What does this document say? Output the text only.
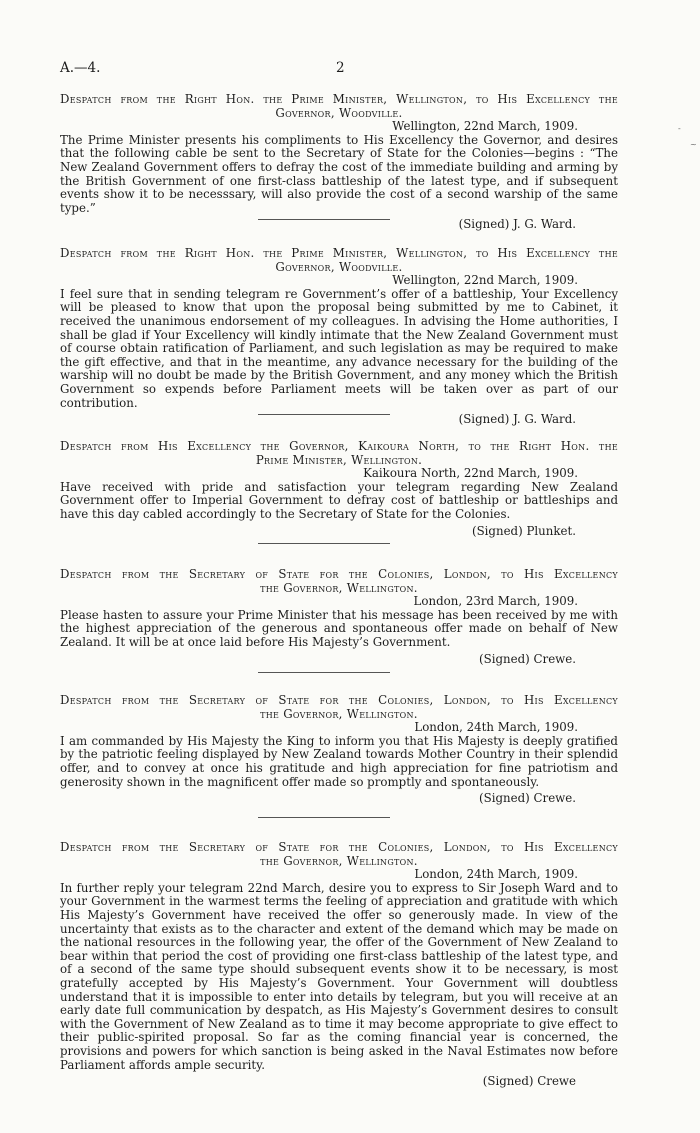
A.—4.	2
Despatch from the Right Hon. the Prime Minister, Wellington, to His Excellency the
Governor, Woodville.
Wellington, 22nd March, 1909.
The Prime Minister presents his compliments to His Excellency the Governor, and desires that the following cable be sent to the Secretary of State for the Colonies—begins : “The New Zealand Government offers to defray the cost of the immediate building and arming by the British Government of one first-class battleship of the latest type, and if subsequent events show it to be necesssary, will also provide the cost of a second warship of the same type.”
(Signed) J. G. Ward.
Despatch from the Right Hon. the Prime Minister, Wellington, to His Excellency the
Governor, Woodville.
Wellington, 22nd March, 1909.
I feel sure that in sending telegram re Government’s offer of a battleship, Your Excellency will be pleased to know that upon the proposal being submitted by me to Cabinet, it received the unanimous endorsement of my colleagues. In advising the Home authorities, I shall be glad if Your Excellency will kindly intimate that the New Zealand Government must of course obtain ratification of Parliament, and such legislation as may be required to make the gift effective, and that in the meantime, any advance necessary for the building of the warship will no doubt be made by the British Government, and any money which the British Government so expends before Parliament meets will be taken over as part of our contribution.
(Signed) J. G. Ward.
Despatch from His Excellency the Governor, Kaikoura North, to the Right Hon. the
Prime Minister, Wellington.
Kaikoura North, 22nd March, 1909.
Have received with pride and satisfaction your telegram regarding New Zealand Government offer to Imperial Government to defray cost of battleship or battleships and have this day cabled accordingly to the Secretary of State for the Colonies.
(Signed) Plunket.
Despatch from the Secretary of State for the Colonies, London, to His Excellency
the Governor, Wellington.
London, 23rd March, 1909.
Please hasten to assure your Prime Minister that his message has been received by me with the highest appreciation of the generous and spontaneous offer made on behalf of New Zealand. It will be at once laid before His Majesty’s Government.
(Signed) Crewe.
Despatch from the Secretary of State for the Colonies, London, to His Excellency
the Governor, Wellington.
London, 24th March, 1909.
I am commanded by His Majesty the King to inform you that His Majesty is deeply gratified by the patriotic feeling displayed by New Zealand towards Mother Country in their splendid offer, and to convey at once his gratitude and high appreciation for fine patriotism and generosity shown in the magnificent offer made so promptly and spontaneously.
(Signed) Crewe.
Despatch from the Secretary of State for the Colonies, London, to His Excellency
the Governor, Wellington.
London, 24th March, 1909.
In further reply your telegram 22nd March, desire you to express to Sir Joseph Ward and to your Government in the warmest terms the feeling of appreciation and gratitude with which His Majesty’s Government have received the offer so generously made. In view of the uncertainty that exists as to the character and extent of the demand which may be made on the national resources in the following year, the offer of the Government of New Zealand to bear within that period the cost of providing one first-class battleship of the latest type, and of a second of the same type should subsequent events show it to be necessary, is most gratefully accepted by His Majesty’s Government. Your Government will doubtless understand that it is impossible to enter into details by telegram, but you will receive at an early date full communication by despatch, as His Majesty’s Government desires to consult with the Government of New Zealand as to time it may become appropriate to give effect to their public-spirited proposal. So far as the coming financial year is concerned, the provisions and powers for which sanction is being asked in the Naval Estimates now before Parliament affords ample security.
(Signed) Crewe
-
~
